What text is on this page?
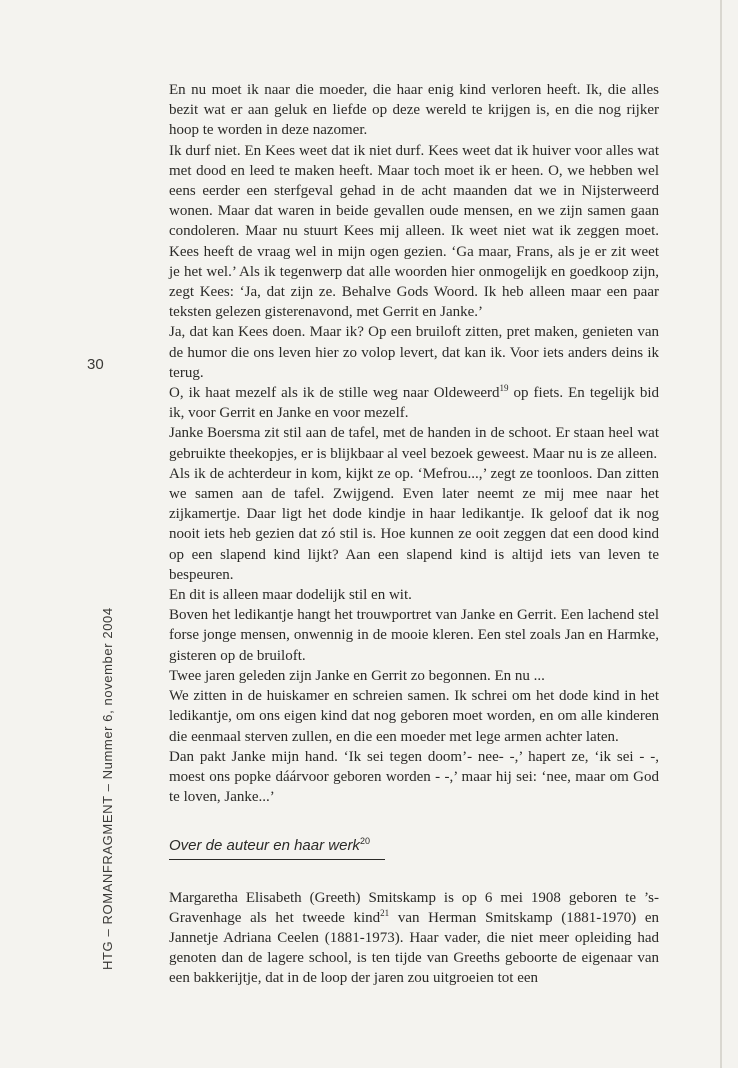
30
HTG – ROMANFRAGMENT – Nummer 6, november 2004

En nu moet ik naar die moeder, die haar enig kind verloren heeft. Ik, die alles bezit wat er aan geluk en liefde op deze wereld te krijgen is, en die nog rijker hoop te worden in deze nazomer.

Ik durf niet. En Kees weet dat ik niet durf. Kees weet dat ik huiver voor alles wat met dood en leed te maken heeft. Maar toch moet ik er heen. O, we hebben wel eens eerder een sterfgeval gehad in de acht maanden dat we in Nijsterweerd wonen. Maar dat waren in beide gevallen oude mensen, en we zijn samen gaan condoleren. Maar nu stuurt Kees mij alleen. Ik weet niet wat ik zeggen moet. Kees heeft de vraag wel in mijn ogen gezien. ‘Ga maar, Frans, als je er zit weet je het wel.’ Als ik tegenwerp dat alle woorden hier onmogelijk en goedkoop zijn, zegt Kees: ‘Ja, dat zijn ze. Behalve Gods Woord. Ik heb alleen maar een paar teksten gelezen gisterenavond, met Gerrit en Janke.’

Ja, dat kan Kees doen. Maar ik? Op een bruiloft zitten, pret maken, genieten van de humor die ons leven hier zo volop levert, dat kan ik. Voor iets anders deins ik terug.

O, ik haat mezelf als ik de stille weg naar Oldeweerd$^{19}$ op fiets. En tegelijk bid ik, voor Gerrit en Janke en voor mezelf.

Janke Boersma zit stil aan de tafel, met de handen in de schoot. Er staan heel wat gebruikte theekopjes, er is blijkbaar al veel bezoek geweest. Maar nu is ze alleen.

Als ik de achterdeur in kom, kijkt ze op. ‘Mefrou...,’ zegt ze toonloos. Dan zitten we samen aan de tafel. Zwijgend. Even later neemt ze mij mee naar het zijkamertje. Daar ligt het dode kindje in haar ledikantje. Ik geloof dat ik nog nooit iets heb gezien dat zó stil is. Hoe kunnen ze ooit zeggen dat een dood kind op een slapend kind lijkt? Aan een slapend kind is altijd iets van leven te bespeuren.

En dit is alleen maar dodelijk stil en wit.

Boven het ledikantje hangt het trouwportret van Janke en Gerrit. Een lachend stel forse jonge mensen, onwennig in de mooie kleren. Een stel zoals Jan en Harmke, gisteren op de bruiloft.

Twee jaren geleden zijn Janke en Gerrit zo begonnen. En nu ...

We zitten in de huiskamer en schreien samen. Ik schrei om het dode kind in het ledikantje, om ons eigen kind dat nog geboren moet worden, en om alle kinderen die eenmaal sterven zullen, en die een moeder met lege armen achter laten.

Dan pakt Janke mijn hand. ‘Ik sei tegen doom’- nee- -,’ hapert ze, ‘ik sei - -, moest ons popke dáárvoor geboren worden - -,’ maar hij sei: ‘nee, maar om God te loven, Janke...’

Over de auteur en haar werk$^{20}$

Margaretha Elisabeth (Greeth) Smitskamp is op 6 mei 1908 geboren te ’s-Gravenhage als het tweede kind$^{21}$ van Herman Smitskamp (1881-1970) en Jannetje Adriana Ceelen (1881-1973). Haar vader, die niet meer opleiding had genoten dan de lagere school, is ten tijde van Greeths geboorte de eigenaar van een bakkerijtje, dat in de loop der jaren zou uitgroeien tot een
